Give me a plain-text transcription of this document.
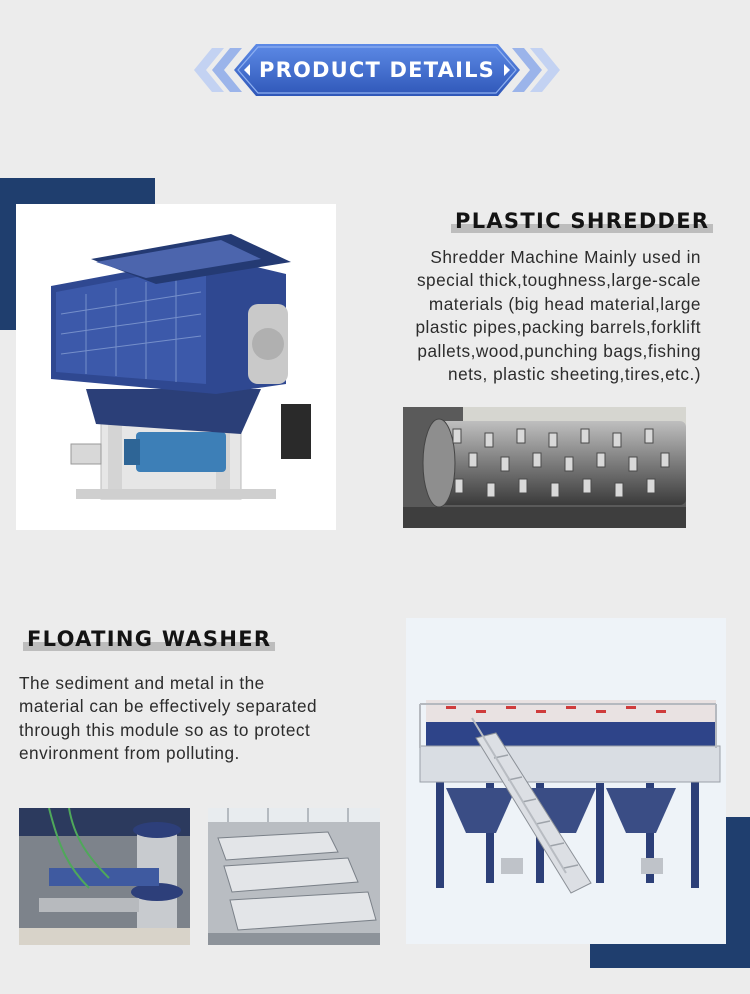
PRODUCT DETAILS
PLASTIC SHREDDER
Shredder Machine Mainly used in
special thick,toughness,large-scale
materials (big head material,large
plastic pipes,packing barrels,forklift
pallets,wood,punching bags,fishing
nets, plastic sheeting,tires,etc.)
FLOATING WASHER
The sediment and metal in the
material can be effectively separated
through this module so as to protect
environment from polluting.
